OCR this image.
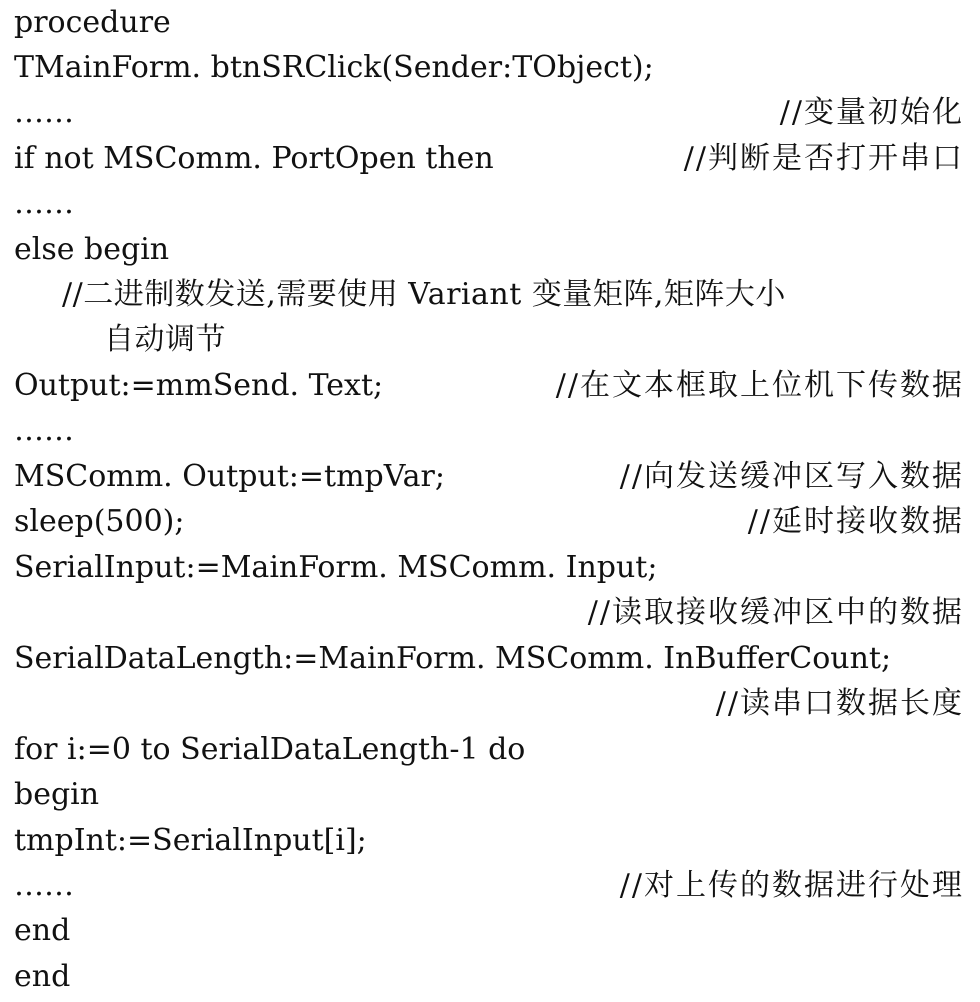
procedure
TMainForm. btnSRClick(Sender:TObject);
……	//变量初始化
if not MSComm. PortOpen then	//判断是否打开串口
……
else begin
//二进制数发送,需要使用 Variant 变量矩阵,矩阵大小
自动调节
Output:=mmSend. Text;	//在文本框取上位机下传数据
……
MSComm. Output:=tmpVar;	//向发送缓冲区写入数据
sleep(500);	//延时接收数据
SerialInput:=MainForm. MSComm. Input;
//读取接收缓冲区中的数据
SerialDataLength:=MainForm. MSComm. InBufferCount;
//读串口数据长度
for i:=0 to SerialDataLength-1 do
begin
tmpInt:=SerialInput[i];
……	//对上传的数据进行处理
end
end
